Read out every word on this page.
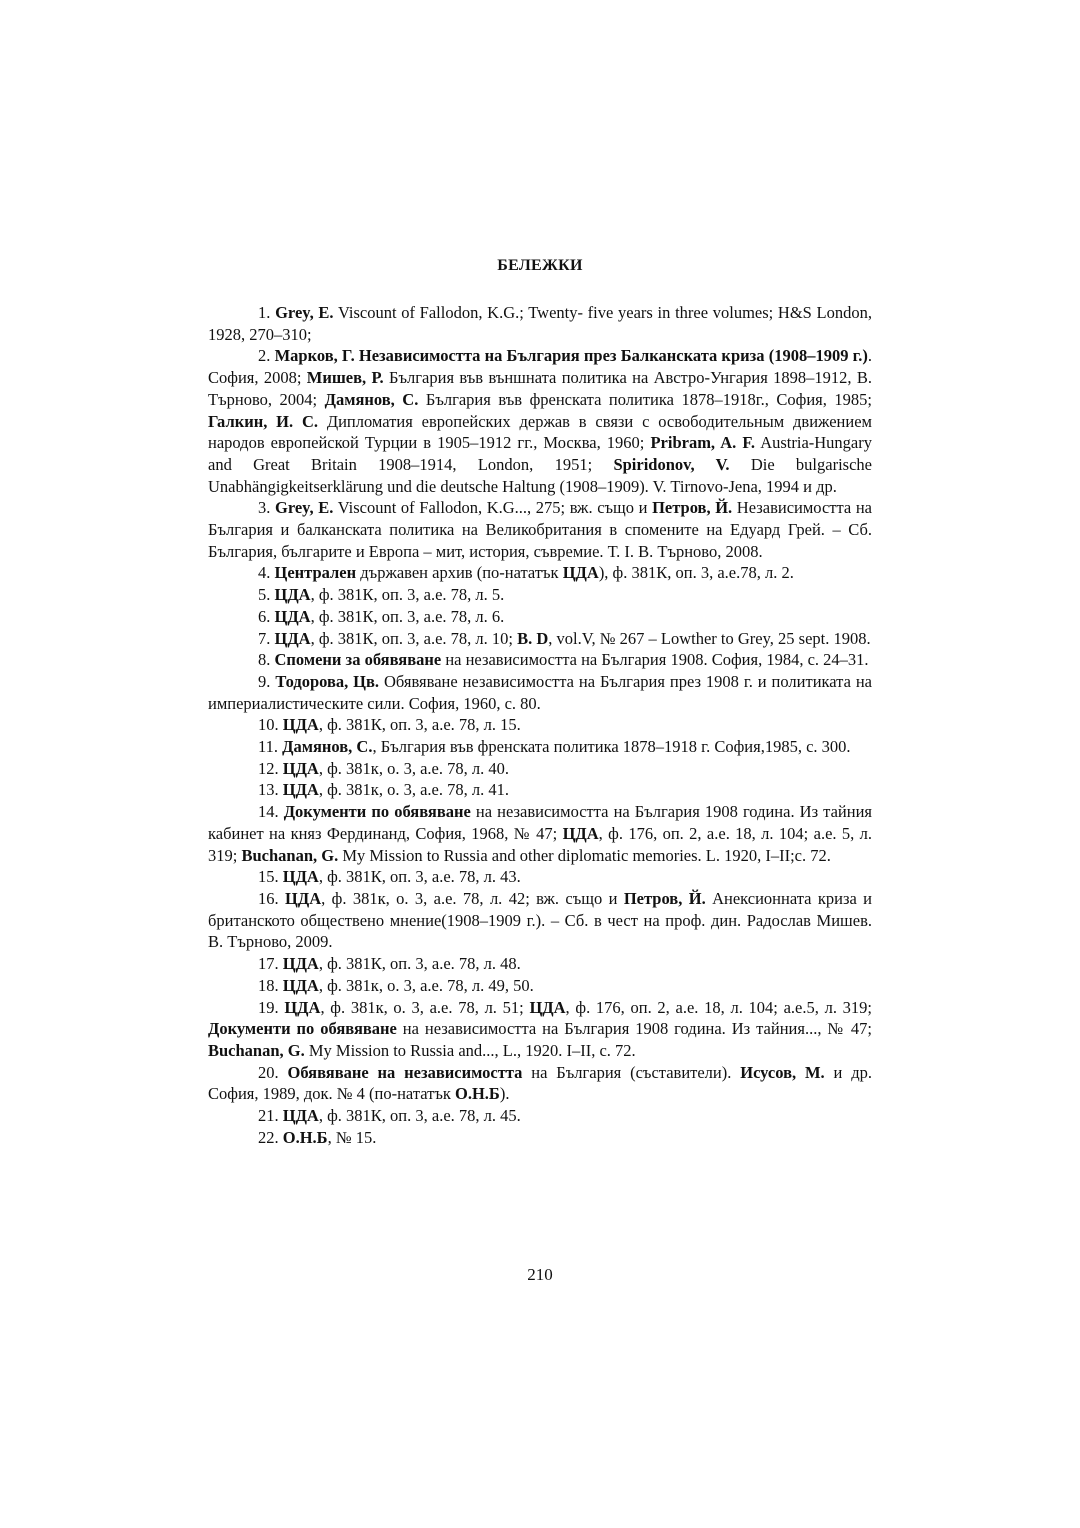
БЕЛЕЖКИ

1. Grey, E. Viscount of Fallodon, K.G.; Twenty- five years in three volumes; H&S London, 1928, 270–310;

2. Марков, Г. Независимостта на България през Балканската криза (1908–1909 г.). София, 2008; Мишев, Р. България във външната политика на Австро-Унгария 1898–1912, В. Търново, 2004; Дамянов, С. България във френската политика 1878–1918г., София, 1985; Галкин, И. С. Дипломатия европейских держав в связи с освободительным движением народов европейской Турции в 1905–1912 гг., Москва, 1960; Pribram, A. F. Austria-Hungary and Great Britain 1908–1914, London, 1951; Spiridonov, V. Die bulgarische Unabhängigkeitserklärung und die deutsche Haltung (1908–1909). V. Tirnovo-Jena, 1994 и др.

3. Grey, E. Viscount of Fallodon, K.G..., 275; вж. също и Петров, Й. Независимостта на България и балканската политика на Великобритания в спомените на Едуард Грей. – Сб. България, българите и Европа – мит, история, съвремие. Т. I. В. Търново, 2008.

4. Централен държавен архив (по-нататък ЦДА), ф. 381К, оп. 3, а.е.78, л. 2.

5. ЦДА, ф. 381К, оп. 3, а.е. 78, л. 5.

6. ЦДА, ф. 381К, оп. 3, а.е. 78, л. 6.

7. ЦДА, ф. 381К, оп. 3, а.е. 78, л. 10; B. D, vol.V, № 267 – Lowther to Grey, 25 sept. 1908.

8. Спомени за обявяване на независимостта на България 1908. София, 1984, с. 24–31.

9. Тодорова, Цв. Обявяване независимостта на България през 1908 г. и политиката на империалистическите сили. София, 1960, с. 80.

10. ЦДА, ф. 381К, оп. 3, а.е. 78, л. 15.

11. Дамянов, С., България във френската политика 1878–1918 г. София,1985, с. 300.

12. ЦДА, ф. 381к, о. 3, а.е. 78, л. 40.

13. ЦДА, ф. 381к, о. 3, а.е. 78, л. 41.

14. Документи по обявяване на независимостта на България 1908 година. Из тайния кабинет на княз Фердинанд, София, 1968, № 47; ЦДА, ф. 176, оп. 2, а.е. 18, л. 104; а.е. 5, л. 319; Buchanan, G. My Mission to Russia and other diplomatic memories. L. 1920, I–II;с. 72.

15. ЦДА, ф. 381К, оп. 3, а.е. 78, л. 43.

16. ЦДА, ф. 381к, о. 3, а.е. 78, л. 42; вж. също и Петров, Й. Анексионната криза и британското обществено мнение(1908–1909 г.). – Сб. в чест на проф. дин. Радослав Мишев. В. Търново, 2009.

17. ЦДА, ф. 381К, оп. 3, а.е. 78, л. 48.

18. ЦДА, ф. 381к, о. 3, а.е. 78, л. 49, 50.

19. ЦДА, ф. 381к, о. 3, а.е. 78, л. 51; ЦДА, ф. 176, оп. 2, а.е. 18, л. 104; а.е.5, л. 319; Документи по обявяване на независимостта на България 1908 година. Из тайния..., № 47; Buchanan, G. My Mission to Russia and..., L., 1920. I–II, с. 72.

20. Обявяване на независимостта на България (съставители). Исусов, М. и др. София, 1989, док. № 4 (по-нататък О.Н.Б).

21. ЦДА, ф. 381К, оп. 3, а.е. 78, л. 45.

22. О.Н.Б, № 15.

210
